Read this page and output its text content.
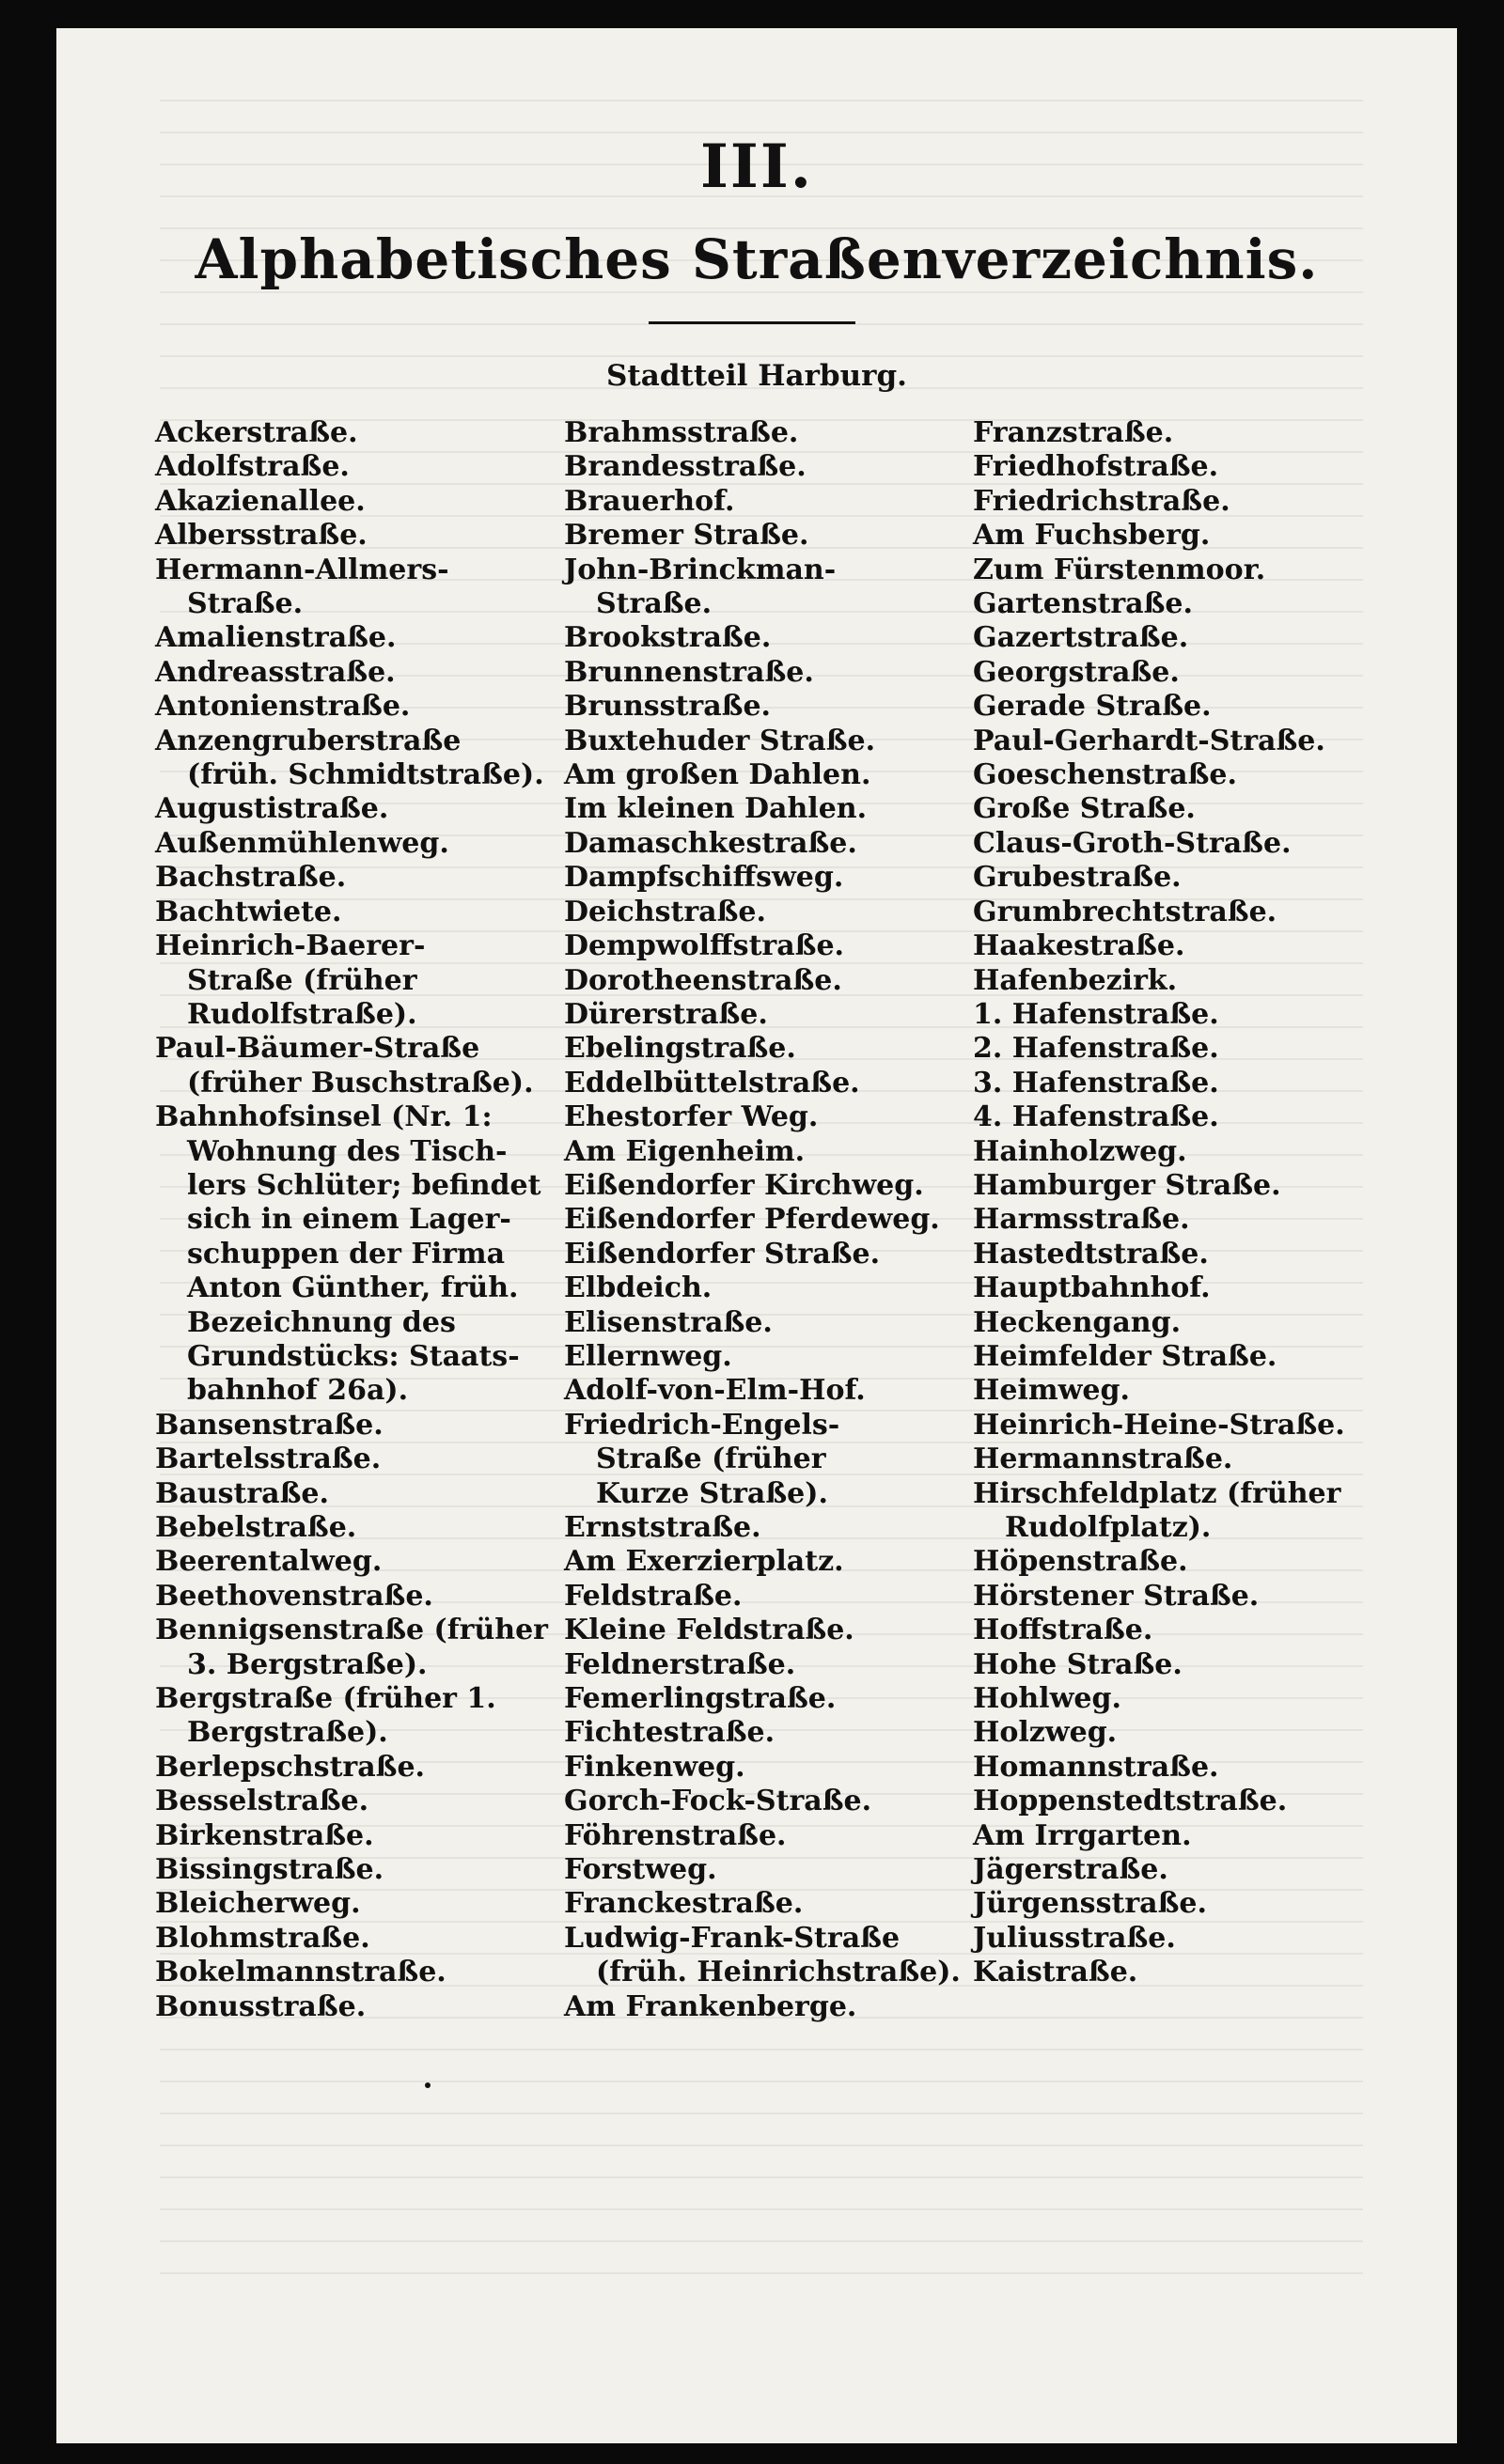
III.
Alphabetisches Straßenverzeichnis.
Stadtteil Harburg.
Ackerstraße.
Adolfstraße.
Akazienallee.
Albersstraße.
Hermann-Allmers-
Straße.
Amalienstraße.
Andreasstraße.
Antonienstraße.
Anzengruberstraße
(früh. Schmidtstraße).
Augustistraße.
Außenmühlenweg.
Bachstraße.
Bachtwiete.
Heinrich-Baerer-
Straße (früher
Rudolfstraße).
Paul-Bäumer-Straße
(früher Buschstraße).
Bahnhofsinsel (Nr. 1:
Wohnung des Tisch-
lers Schlüter; befindet
sich in einem Lager-
schuppen der Firma
Anton Günther, früh.
Bezeichnung des
Grundstücks: Staats-
bahnhof 26a).
Bansenstraße.
Bartelsstraße.
Baustraße.
Bebelstraße.
Beerentalweg.
Beethovenstraße.
Bennigsenstraße (früher
3. Bergstraße).
Bergstraße (früher 1.
Bergstraße).
Berlepschstraße.
Besselstraße.
Birkenstraße.
Bissingstraße.
Bleicherweg.
Blohmstraße.
Bokelmannstraße.
Bonusstraße.
Brahmsstraße.
Brandesstraße.
Brauerhof.
Bremer Straße.
John-Brinckman-
Straße.
Brookstraße.
Brunnenstraße.
Brunsstraße.
Buxtehuder Straße.
Am großen Dahlen.
Im kleinen Dahlen.
Damaschkestraße.
Dampfschiffsweg.
Deichstraße.
Dempwolffstraße.
Dorotheenstraße.
Dürerstraße.
Ebelingstraße.
Eddelbüttelstraße.
Ehestorfer Weg.
Am Eigenheim.
Eißendorfer Kirchweg.
Eißendorfer Pferdeweg.
Eißendorfer Straße.
Elbdeich.
Elisenstraße.
Ellernweg.
Adolf-von-Elm-Hof.
Friedrich-Engels-
Straße (früher
Kurze Straße).
Ernststraße.
Am Exerzierplatz.
Feldstraße.
Kleine Feldstraße.
Feldnerstraße.
Femerlingstraße.
Fichtestraße.
Finkenweg.
Gorch-Fock-Straße.
Föhrenstraße.
Forstweg.
Franckestraße.
Ludwig-Frank-Straße
(früh. Heinrichstraße).
Am Frankenberge.
Franzstraße.
Friedhofstraße.
Friedrichstraße.
Am Fuchsberg.
Zum Fürstenmoor.
Gartenstraße.
Gazertstraße.
Georgstraße.
Gerade Straße.
Paul-Gerhardt-Straße.
Goeschenstraße.
Große Straße.
Claus-Groth-Straße.
Grubestraße.
Grumbrechtstraße.
Haakestraße.
Hafenbezirk.
1. Hafenstraße.
2. Hafenstraße.
3. Hafenstraße.
4. Hafenstraße.
Hainholzweg.
Hamburger Straße.
Harmsstraße.
Hastedtstraße.
Hauptbahnhof.
Heckengang.
Heimfelder Straße.
Heimweg.
Heinrich-Heine-Straße.
Hermannstraße.
Hirschfeldplatz (früher
Rudolfplatz).
Höpenstraße.
Hörstener Straße.
Hoffstraße.
Hohe Straße.
Hohlweg.
Holzweg.
Homannstraße.
Hoppenstedtstraße.
Am Irrgarten.
Jägerstraße.
Jürgensstraße.
Juliusstraße.
Kaistraße.
